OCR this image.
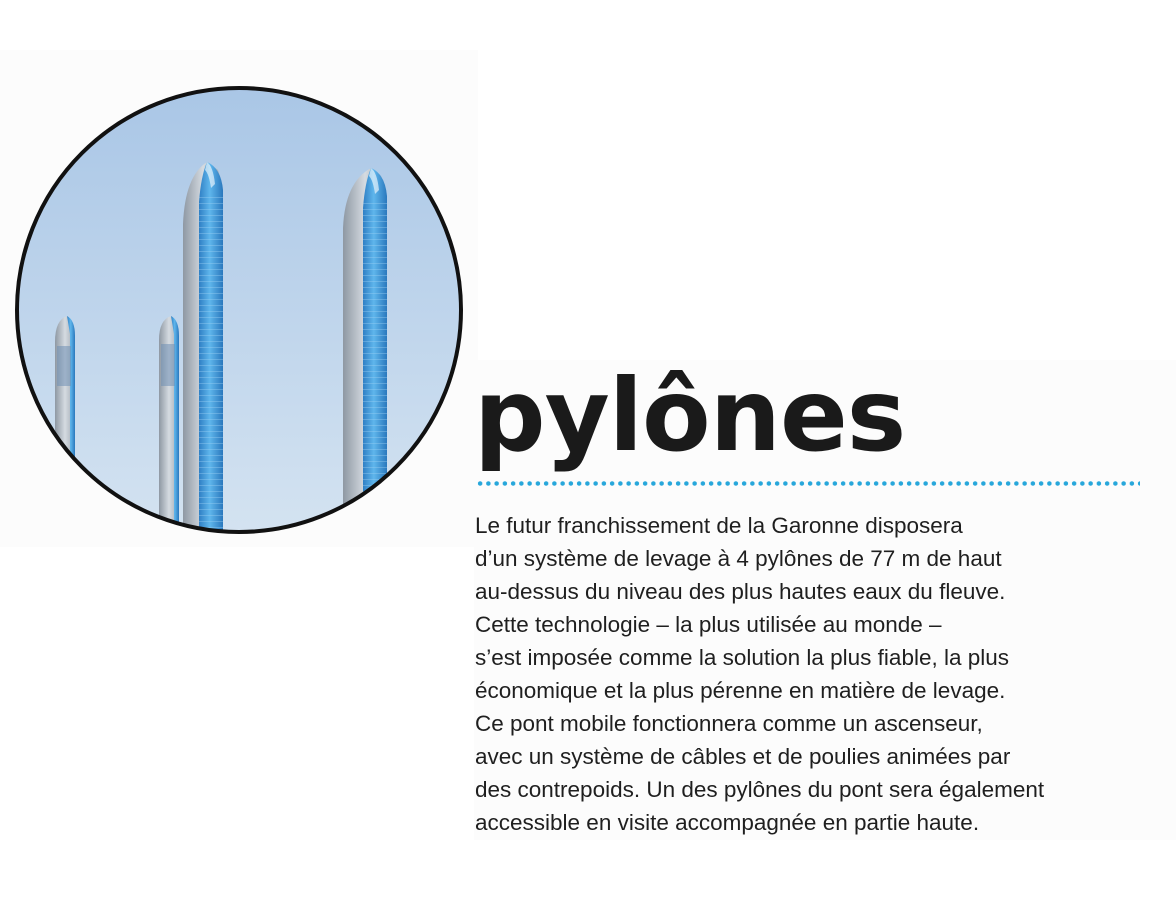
pylônes

Le futur franchissement de la Garonne disposera
d’un système de levage à 4 pylônes de 77 m de haut
au-dessus du niveau des plus hautes eaux du fleuve.
Cette technologie – la plus utilisée au monde –
s’est imposée comme la solution la plus fiable, la plus
économique et la plus pérenne en matière de levage.
Ce pont mobile fonctionnera comme un ascenseur,
avec un système de câbles et de poulies animées par
des contrepoids. Un des pylônes du pont sera également
accessible en visite accompagnée en partie haute.
